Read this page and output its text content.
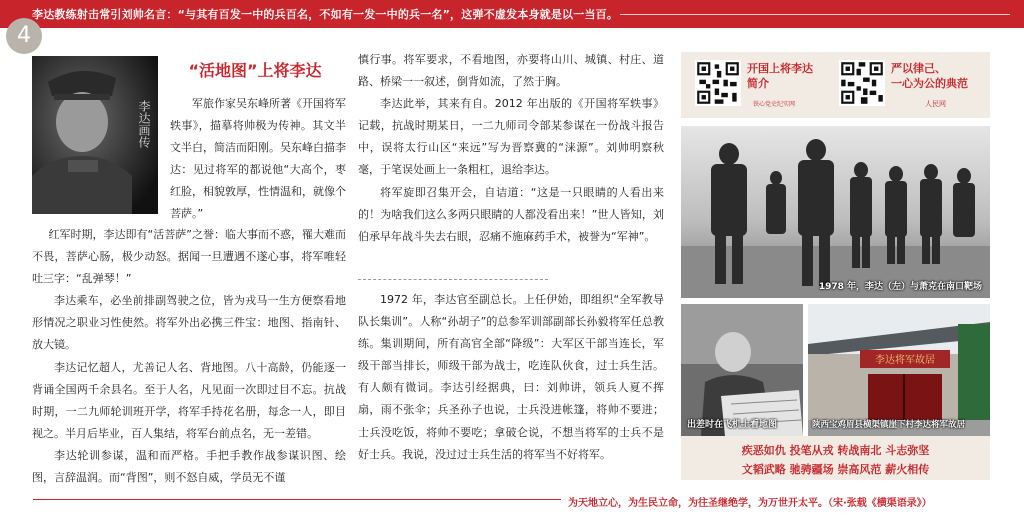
李达教练射击常引刘帅名言：“与其有百发一中的兵百名，不如有一发一中的兵一名”，这弹不虚发本身就是以一当百。
4
李达画传
“活地图”上将李达

军旅作家吴东峰所著《开国将军轶事》，描摹将帅极为传神。其文半文半白，简洁而阳刚。吴东峰白描李达：见过将军的都说他“大高个，枣红脸，相貌敦厚，性情温和，就像个菩萨。”

红军时期，李达即有“活菩萨”之誉：临大事而不惑，罹大难而不畏，菩萨心肠，极少动怒。据闻一旦遭遇不遂心事，将军唯轻吐三字：“乱弹琴！”

李达乘车，必坐前排副驾驶之位，皆为戎马一生方便察看地形情况之职业习性使然。将军外出必携三件宝：地图、指南针、放大镜。

李达记忆超人，尤善记人名、背地图。八十高龄，仍能逐一背诵全国两千余县名。至于人名，凡见面一次即过目不忘。抗战时期，一二九师轮训班开学，将军手持花名册，每念一人，即目视之。半月后毕业，百人集结，将军台前点名，无一差错。

李达轮训参谋，温和而严格。手把手教作战参谋识图、绘图，言辞温润。而“背图”，则不怒自威，学员无不谨

慎行事。将军要求，不看地图，亦要将山川、城镇、村庄、道路、桥梁一一叙述，倒背如流，了然于胸。

李达此举，其来有自。2012 年出版的《开国将军轶事》记载，抗战时期某日，一二九师司令部某参谋在一份战斗报告中，误将太行山区“来远”写为晋察冀的“涞源”。刘帅明察秋毫，于笔误处画上一条粗杠，退给李达。

将军旋即召集开会，自诘道：“这是一只眼睛的人看出来的！为啥我们这么多两只眼睛的人都没看出来！”世人皆知，刘伯承早年战斗失去右眼，忍痛不施麻药手术，被誉为“军神”。

1972 年，李达官至副总长。上任伊始，即组织“全军教导队长集训”。人称“孙胡子”的总参军训部副部长孙毅将军任总教练。集训期间，所有高官全部“降级”：大军区干部当连长，军级干部当排长，师级干部为战士，吃连队伙食，过士兵生活。有人颇有微词。李达引经据典，曰：刘帅讲，领兵人夏不挥扇，雨不张伞；兵圣孙子也说，士兵没进帐篷，将帅不要进；士兵没吃饭，将帅不要吃；拿破仑说，不想当将军的士兵不是好士兵。我说，没过过士兵生活的将军当不好将军。

开国上将李达
简介
铁心党史纪实网
严以律己、
一心为公的典范
人民网
1978 年，李达（左）与萧克在南口靶场
出差时在飞机上看地图
李达将军故居
陕西宝鸡眉县横渠镇崖下村李达将军故居
疾恶如仇 投笔从戎 转战南北 斗志弥坚
文韬武略 驰骋疆场 崇高风范 薪火相传
为天地立心，为生民立命，为往圣继绝学，为万世开太平。（宋·张载《横渠语录》）
